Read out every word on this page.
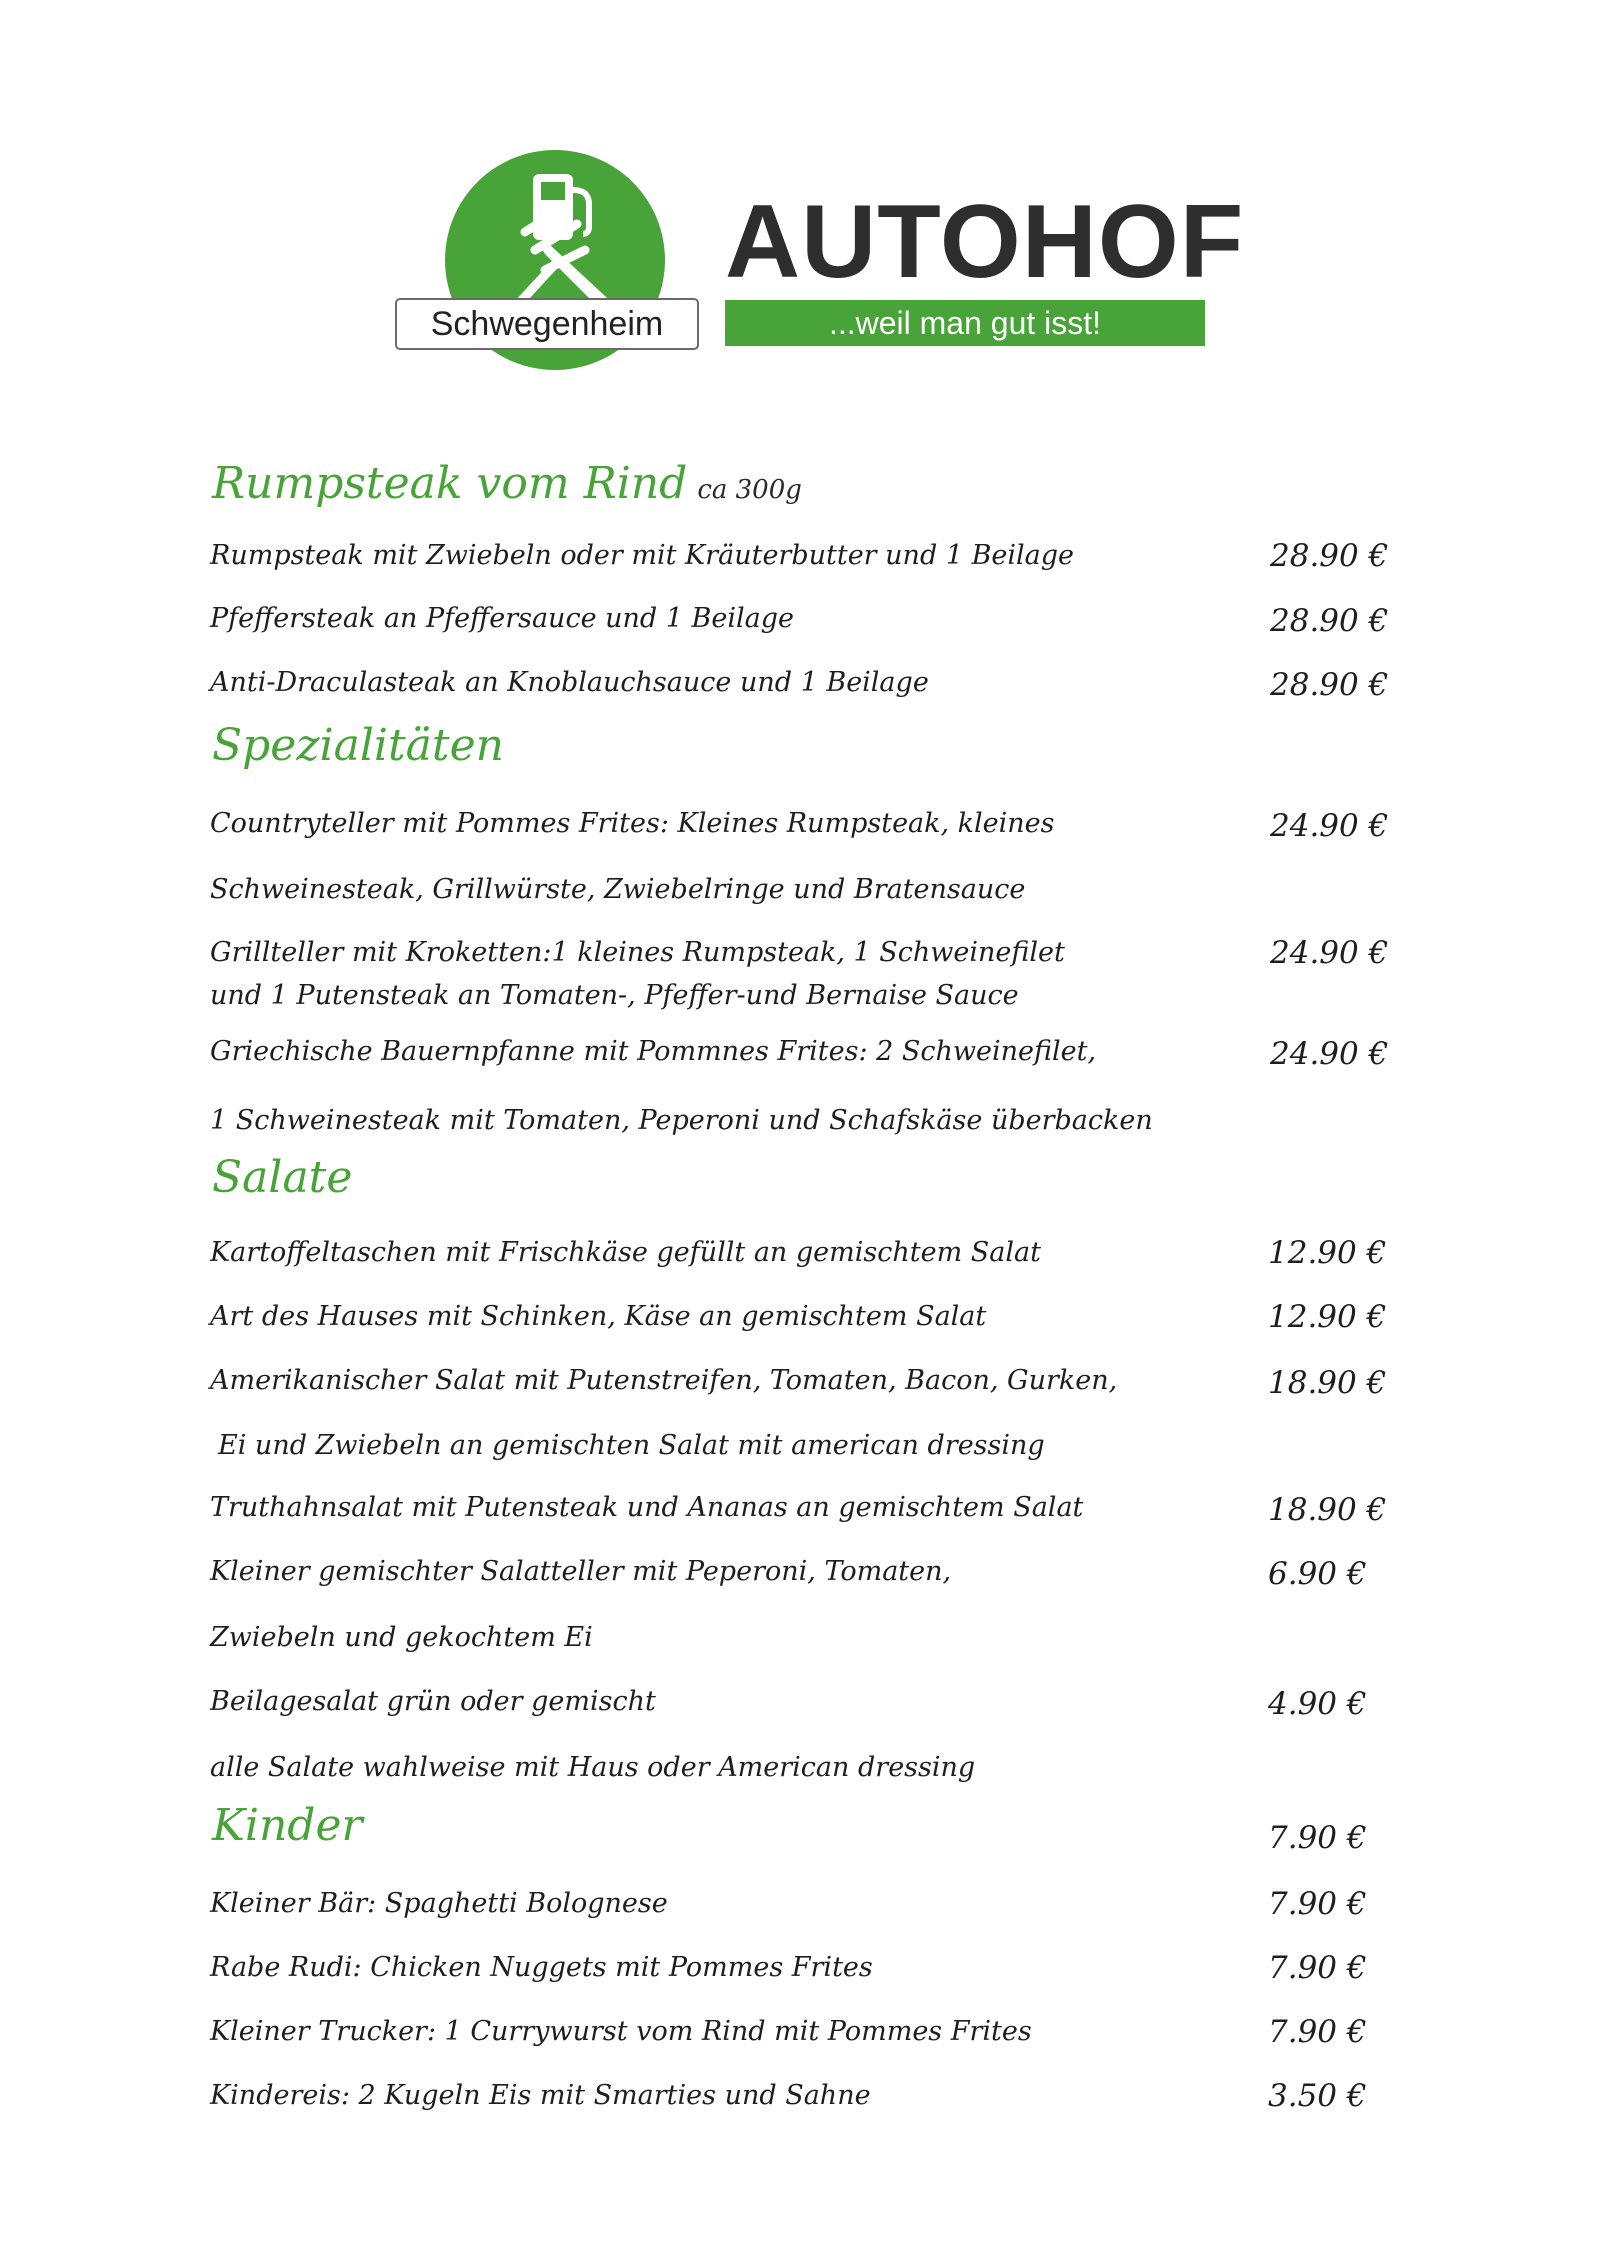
Schwegenheim
AUTOHOF
...weil man gut isst!
Rumpsteak vom Rind ca 300g
Rumpsteak mit Zwiebeln oder mit Kräuterbutter und 1 Beilage	28.90 €
Pfeffersteak an Pfeffersauce und 1 Beilage	28.90 €
Anti-Draculasteak an Knoblauchsauce und 1 Beilage	28.90 €
Spezialitäten
Countryteller mit Pommes Frites: Kleines Rumpsteak, kleines	24.90 €
Schweinesteak, Grillwürste, Zwiebelringe und Bratensauce
Grillteller mit Kroketten:1 kleines Rumpsteak, 1 Schweinefilet	24.90 €
und 1 Putensteak an Tomaten-, Pfeffer-und Bernaise Sauce
Griechische Bauernpfanne mit Pommnes Frites: 2 Schweinefilet,	24.90 €
1 Schweinesteak mit Tomaten, Peperoni und Schafskäse überbacken
Salate
Kartoffeltaschen mit Frischkäse gefüllt an gemischtem Salat	12.90 €
Art des Hauses mit Schinken, Käse an gemischtem Salat	12.90 €
Amerikanischer Salat mit Putenstreifen, Tomaten, Bacon, Gurken,	18.90 €
Ei und Zwiebeln an gemischten Salat mit american dressing
Truthahnsalat mit Putensteak und Ananas an gemischtem Salat	18.90 €
Kleiner gemischter Salatteller mit Peperoni, Tomaten,	6.90 €
Zwiebeln und gekochtem Ei
Beilagesalat grün oder gemischt	4.90 €
alle Salate wahlweise mit Haus oder American dressing
Kinder	7.90 €
Kleiner Bär: Spaghetti Bolognese	7.90 €
Rabe Rudi: Chicken Nuggets mit Pommes Frites	7.90 €
Kleiner Trucker: 1 Currywurst vom Rind mit Pommes Frites	7.90 €
Kindereis: 2 Kugeln Eis mit Smarties und Sahne	3.50 €
